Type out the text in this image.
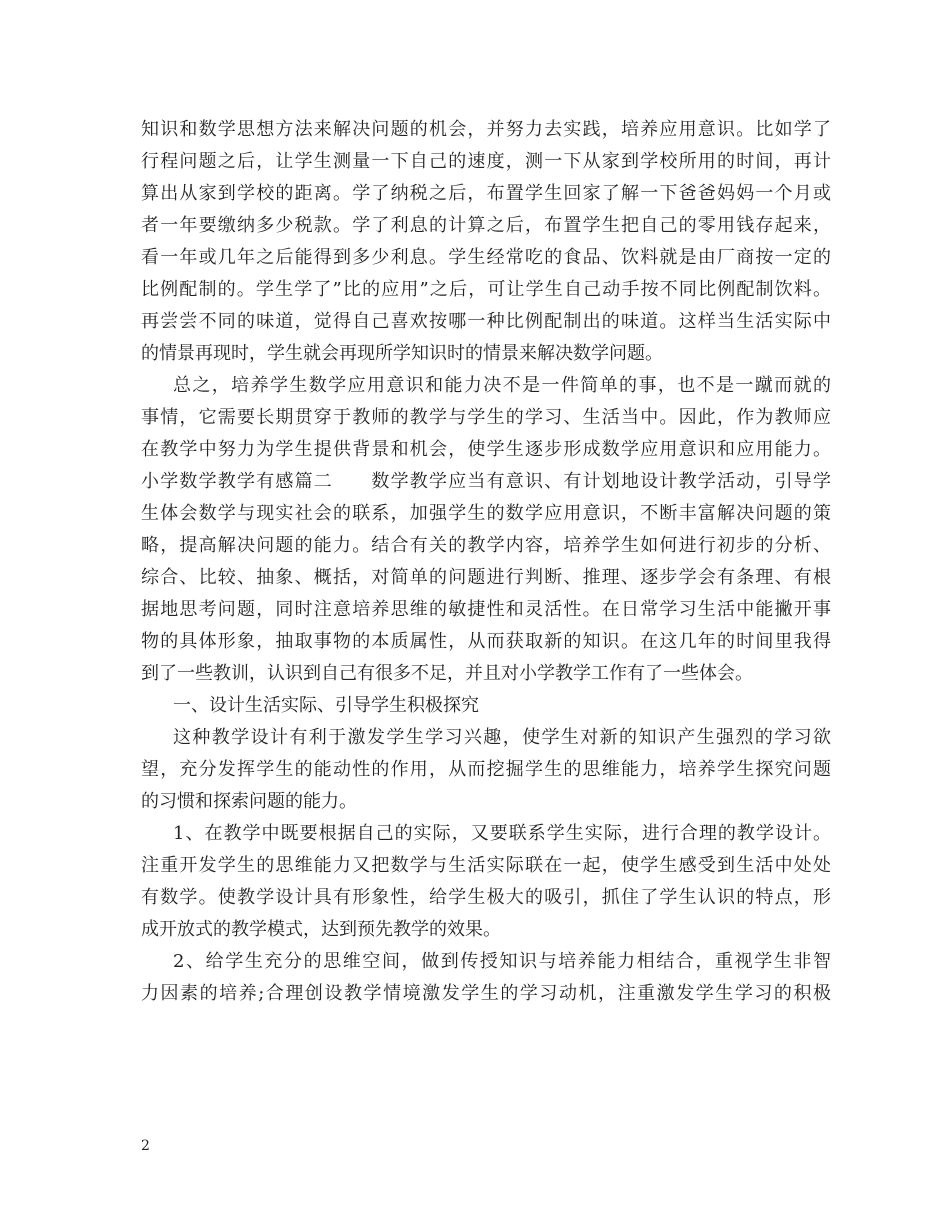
知识和数学思想方法来解决问题的机会，并努力去实践，培养应用意识。比如学了
行程问题之后，让学生测量一下自己的速度，测一下从家到学校所用的时间，再计
算出从家到学校的距离。学了纳税之后，布置学生回家了解一下爸爸妈妈一个月或
者一年要缴纳多少税款。学了利息的计算之后，布置学生把自己的零用钱存起来，
看一年或几年之后能得到多少利息。学生经常吃的食品、饮料就是由厂商按一定的
比例配制的。学生学了”比的应用”之后，可让学生自己动手按不同比例配制饮料。
再尝尝不同的味道，觉得自己喜欢按哪一种比例配制出的味道。这样当生活实际中
的情景再现时，学生就会再现所学知识时的情景来解决数学问题。
总之，培养学生数学应用意识和能力决不是一件简单的事，也不是一蹴而就的
事情，它需要长期贯穿于教师的教学与学生的学习、生活当中。因此，作为教师应
在教学中努力为学生提供背景和机会，使学生逐步形成数学应用意识和应用能力。
小学数学教学有感篇二　　数学教学应当有意识、有计划地设计教学活动，引导学
生体会数学与现实社会的联系，加强学生的数学应用意识，不断丰富解决问题的策
略，提高解决问题的能力。结合有关的教学内容，培养学生如何进行初步的分析、
综合、比较、抽象、概括，对简单的问题进行判断、推理、逐步学会有条理、有根
据地思考问题，同时注意培养思维的敏捷性和灵活性。在日常学习生活中能撇开事
物的具体形象，抽取事物的本质属性，从而获取新的知识。在这几年的时间里我得
到了一些教训，认识到自己有很多不足，并且对小学教学工作有了一些体会。
一、设计生活实际、引导学生积极探究
这种教学设计有利于激发学生学习兴趣，使学生对新的知识产生强烈的学习欲
望，充分发挥学生的能动性的作用，从而挖掘学生的思维能力，培养学生探究问题
的习惯和探索问题的能力。
1、在教学中既要根据自己的实际，又要联系学生实际，进行合理的教学设计。
注重开发学生的思维能力又把数学与生活实际联在一起，使学生感受到生活中处处
有数学。使教学设计具有形象性，给学生极大的吸引，抓住了学生认识的特点，形
成开放式的教学模式，达到预先教学的效果。
2、给学生充分的思维空间，做到传授知识与培养能力相结合，重视学生非智
力因素的培养;合理创设教学情境激发学生的学习动机，注重激发学生学习的积极
2
